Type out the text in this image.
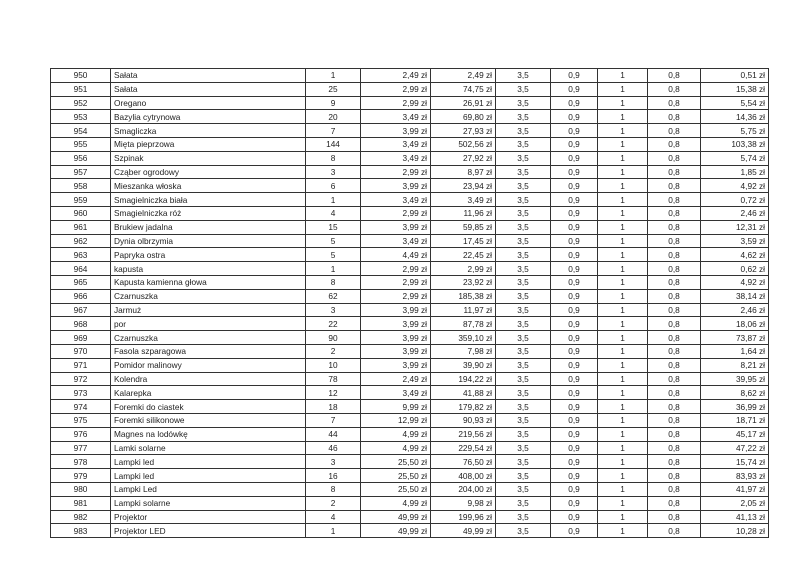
950	Sałata	1	2,49 zł	2,49 zł	3,5	0,9	1	0,8	0,51 zł
951	Sałata	25	2,99 zł	74,75 zł	3,5	0,9	1	0,8	15,38 zł
952	Oregano	9	2,99 zł	26,91 zł	3,5	0,9	1	0,8	5,54 zł
953	Bazylia cytrynowa	20	3,49 zł	69,80 zł	3,5	0,9	1	0,8	14,36 zł
954	Smagliczka	7	3,99 zł	27,93 zł	3,5	0,9	1	0,8	5,75 zł
955	Mięta pieprzowa	144	3,49 zł	502,56 zł	3,5	0,9	1	0,8	103,38 zł
956	Szpinak	8	3,49 zł	27,92 zł	3,5	0,9	1	0,8	5,74 zł
957	Cząber ogrodowy	3	2,99 zł	8,97 zł	3,5	0,9	1	0,8	1,85 zł
958	Mieszanka włoska	6	3,99 zł	23,94 zł	3,5	0,9	1	0,8	4,92 zł
959	Smagielniczka biała	1	3,49 zł	3,49 zł	3,5	0,9	1	0,8	0,72 zł
960	Smagielniczka róż	4	2,99 zł	11,96 zł	3,5	0,9	1	0,8	2,46 zł
961	Brukiew jadalna	15	3,99 zł	59,85 zł	3,5	0,9	1	0,8	12,31 zł
962	Dynia olbrzymia	5	3,49 zł	17,45 zł	3,5	0,9	1	0,8	3,59 zł
963	Papryka ostra	5	4,49 zł	22,45 zł	3,5	0,9	1	0,8	4,62 zł
964	kapusta	1	2,99 zł	2,99 zł	3,5	0,9	1	0,8	0,62 zł
965	Kapusta kamienna głowa	8	2,99 zł	23,92 zł	3,5	0,9	1	0,8	4,92 zł
966	Czarnuszka	62	2,99 zł	185,38 zł	3,5	0,9	1	0,8	38,14 zł
967	Jarmuż	3	3,99 zł	11,97 zł	3,5	0,9	1	0,8	2,46 zł
968	por	22	3,99 zł	87,78 zł	3,5	0,9	1	0,8	18,06 zł
969	Czarnuszka	90	3,99 zł	359,10 zł	3,5	0,9	1	0,8	73,87 zł
970	Fasola szparagowa	2	3,99 zł	7,98 zł	3,5	0,9	1	0,8	1,64 zł
971	Pomidor malinowy	10	3,99 zł	39,90 zł	3,5	0,9	1	0,8	8,21 zł
972	Kolendra	78	2,49 zł	194,22 zł	3,5	0,9	1	0,8	39,95 zł
973	Kalarepka	12	3,49 zł	41,88 zł	3,5	0,9	1	0,8	8,62 zł
974	Foremki do ciastek	18	9,99 zł	179,82 zł	3,5	0,9	1	0,8	36,99 zł
975	Foremki silikonowe	7	12,99 zł	90,93 zł	3,5	0,9	1	0,8	18,71 zł
976	Magnes na lodówkę	44	4,99 zł	219,56 zł	3,5	0,9	1	0,8	45,17 zł
977	Lamki solarne	46	4,99 zł	229,54 zł	3,5	0,9	1	0,8	47,22 zł
978	Lampki led	3	25,50 zł	76,50 zł	3,5	0,9	1	0,8	15,74 zł
979	Lampki led	16	25,50 zł	408,00 zł	3,5	0,9	1	0,8	83,93 zł
980	Lampki Led	8	25,50 zł	204,00 zł	3,5	0,9	1	0,8	41,97 zł
981	Lampki solarne	2	4,99 zł	9,98 zł	3,5	0,9	1	0,8	2,05 zł
982	Projektor	4	49,99 zł	199,96 zł	3,5	0,9	1	0,8	41,13 zł
983	Projektor LED	1	49,99 zł	49,99 zł	3,5	0,9	1	0,8	10,28 zł
